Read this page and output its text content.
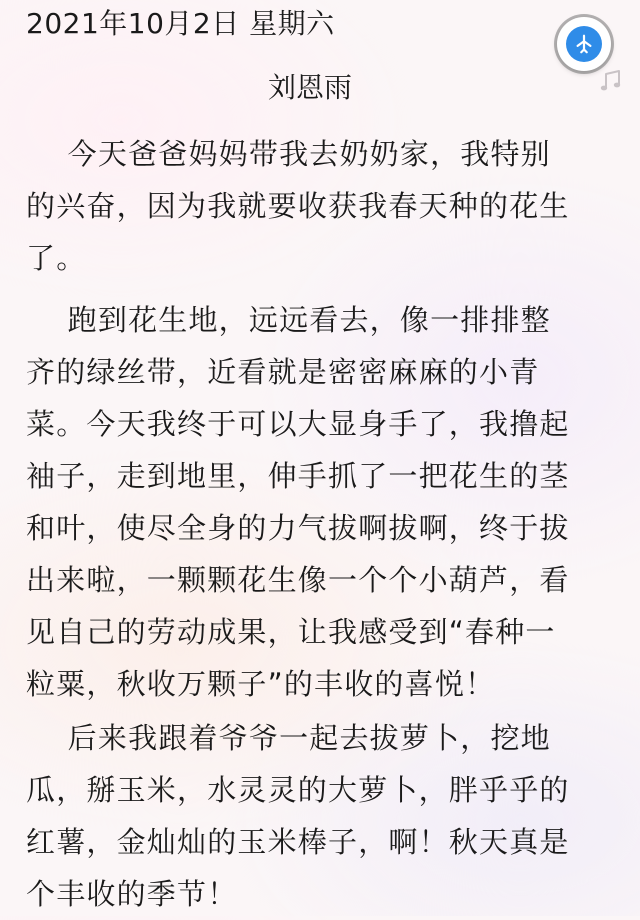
2021年10月2日 星期六
刘恩雨

今天爸爸妈妈带我去奶奶家，我特别
的兴奋，因为我就要收获我春天种的花生
了。

跑到花生地，远远看去，像一排排整
齐的绿丝带，近看就是密密麻麻的小青
菜。今天我终于可以大显身手了，我撸起
袖子，走到地里，伸手抓了一把花生的茎
和叶，使尽全身的力气拔啊拔啊，终于拔
出来啦，一颗颗花生像一个个小葫芦，看
见自己的劳动成果，让我感受到“春种一
粒粟，秋收万颗子”的丰收的喜悦！

后来我跟着爷爷一起去拔萝卜，挖地
瓜，掰玉米，水灵灵的大萝卜，胖乎乎的
红薯，金灿灿的玉米棒子，啊！秋天真是
个丰收的季节！
